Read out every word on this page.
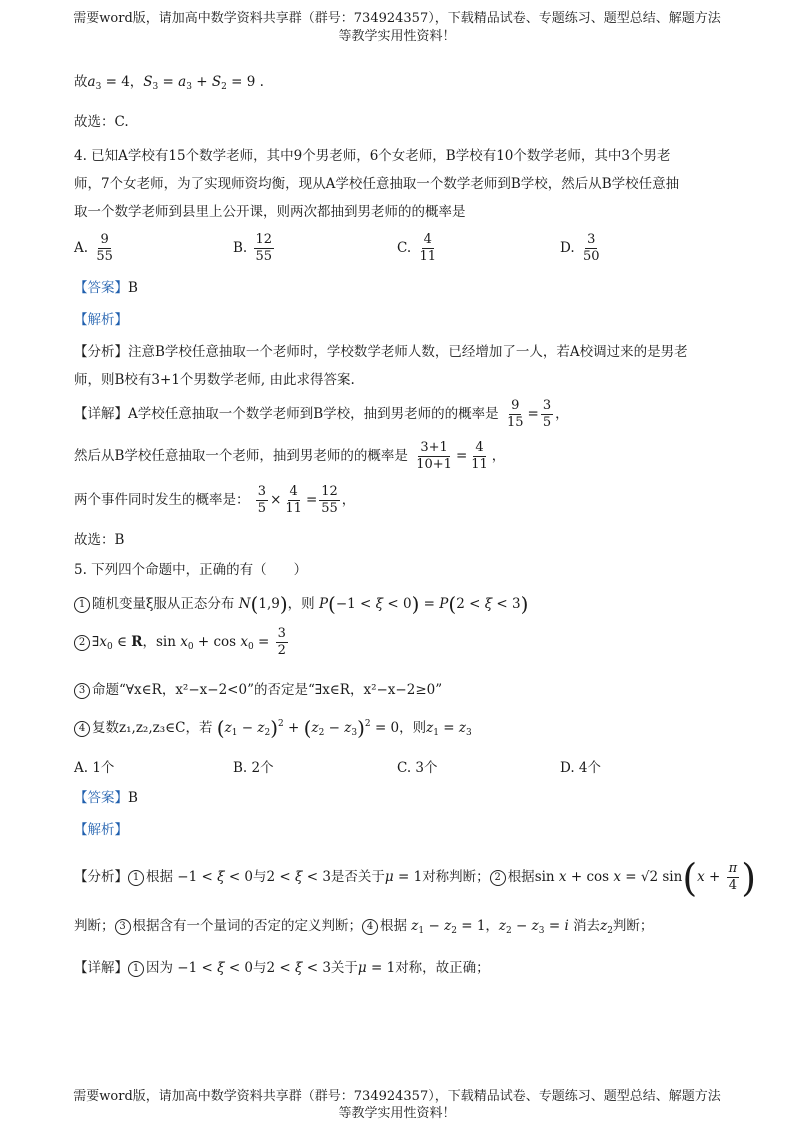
需要word版，请加高中数学资料共享群（群号：734924357），下载精品试卷、专题练习、题型总结、解题方法
等教学实用性资料！
故$a_3 = 4$，$S_3 = a_3 + S_2 = 9$ .
故选：C.
4. 已知A学校有15个数学老师，其中9个男老师，6个女老师，B学校有10个数学老师，其中3个男老
师，7个女老师，为了实现师资均衡，现从A学校任意抽取一个数学老师到B学校，然后从B学校任意抽
取一个数学老师到县里上公开课，则两次都抽到男老师的的概率是
A. $\frac{9}{55}$	B. $\frac{12}{55}$	C. $\frac{4}{11}$	D. $\frac{3}{50}$
【答案】B
【解析】
【分析】注意B学校任意抽取一个老师时，学校数学老师人数，已经增加了一人，若A校调过来的是男老
师，则B校有3+1个男数学老师, 由此求得答案.
【详解】A学校任意抽取一个数学老师到B学校，抽到男老师的的概率是 $\frac{9}{15} = \frac{3}{5}$ ，
然后从B学校任意抽取一个老师，抽到男老师的的概率是 $\frac{3+1}{10+1} = \frac{4}{11}$ ，
两个事件同时发生的概率是： $\frac{3}{5} \times \frac{4}{11} = \frac{12}{55}$ ，
故选：B
5. 下列四个命题中，正确的有（　　）
1 随机变量ξ服从正态分布 N(1,9)，则 P(−1 < ξ < 0) = P(2 < ξ < 3)
2 $\exists x_0$ ∈ R，$\sin x_0 + \cos x_0 = \frac{3}{2}$
3 命题“∀x∈R，x²−x−2<0”的否定是“∃x∈R，x²−x−2≥0”
4 复数z₁,z₂,z₃∈C，若 $(z_1 - z_2)^2 + (z_2 - z_3)^2 = 0$，则$z_1 = z_3$
A. 1个	B. 2个	C. 3个	D. 4个
【答案】B
【解析】
【分析】 1 根据 −1 < ξ < 0与2 < ξ < 3是否关于μ = 1对称判断； 2 根据sin x + cos x = √2 $\sin(x + \frac{\pi}{4}$ )
判断； 3 根据含有一个量词的否定的定义判断； 4 根据 $z_1 - z_2 = 1$，$z_2 - z_3 = i$ 消去$z_2$判断；
【详解】 1 因为 −1 < ξ < 0与2 < ξ < 3关于μ = 1对称，故正确；
需要word版，请加高中数学资料共享群（群号：734924357），下载精品试卷、专题练习、题型总结、解题方法
等教学实用性资料！
